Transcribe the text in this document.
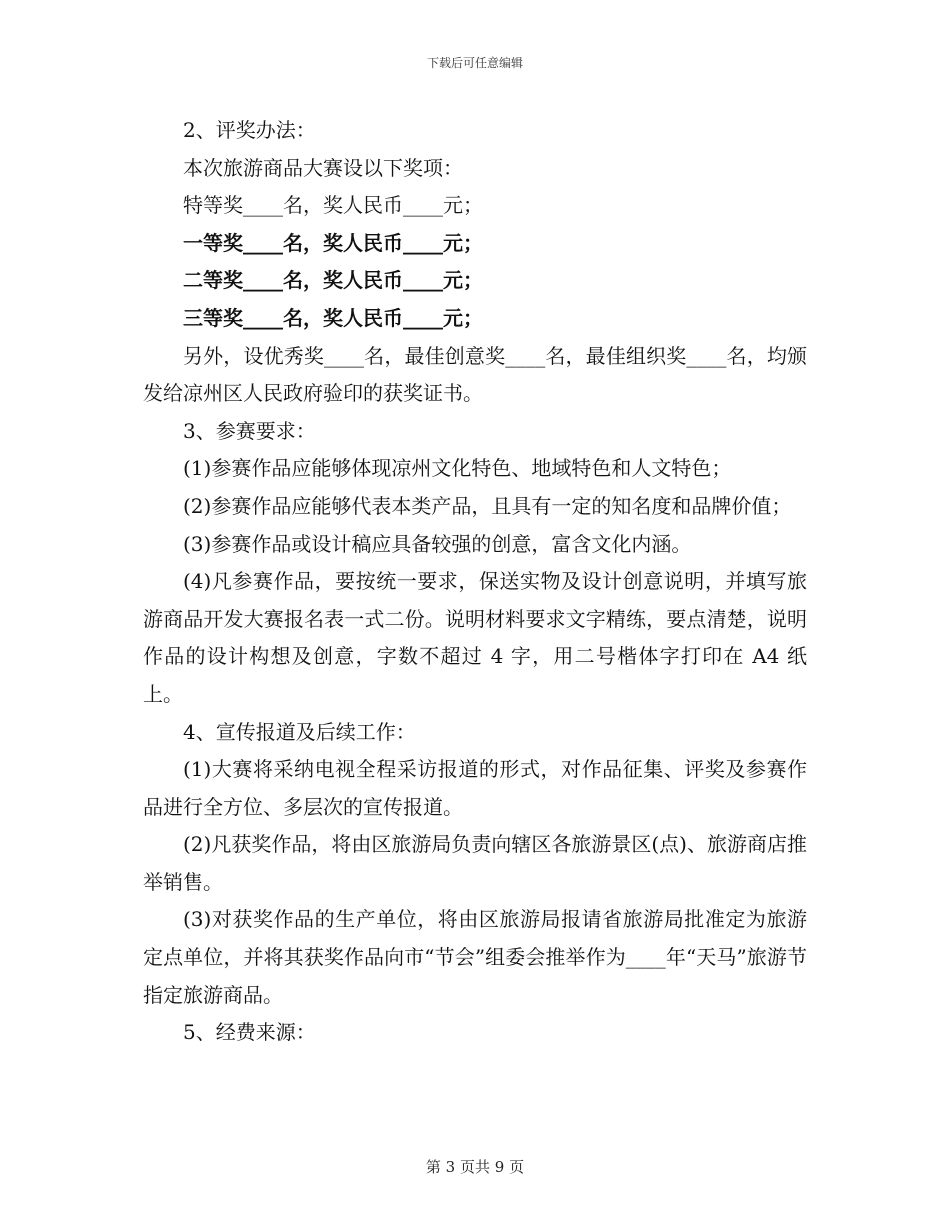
下载后可任意编辑

2、评奖办法：

本次旅游商品大赛设以下奖项：

特等奖____名，奖人民币____元；

一等奖____名，奖人民币____元；

二等奖____名，奖人民币____元；

三等奖____名，奖人民币____元；

另外，设优秀奖____名，最佳创意奖____名，最佳组织奖____名，均颁发给凉州区人民政府验印的获奖证书。

3、参赛要求：

(1)参赛作品应能够体现凉州文化特色、地域特色和人文特色；

(2)参赛作品应能够代表本类产品，且具有一定的知名度和品牌价值；

(3)参赛作品或设计稿应具备较强的创意，富含文化内涵。

(4)凡参赛作品，要按统一要求，保送实物及设计创意说明，并填写旅游商品开发大赛报名表一式二份。说明材料要求文字精练，要点清楚，说明作品的设计构想及创意，字数不超过 4 字，用二号楷体字打印在 A4 纸上。

4、宣传报道及后续工作：

(1)大赛将采纳电视全程采访报道的形式，对作品征集、评奖及参赛作品进行全方位、多层次的宣传报道。

(2)凡获奖作品，将由区旅游局负责向辖区各旅游景区(点)、旅游商店推举销售。

(3)对获奖作品的生产单位，将由区旅游局报请省旅游局批准定为旅游定点单位，并将其获奖作品向市“节会”组委会推举作为____年“天马”旅游节指定旅游商品。

5、经费来源：

第 3 页共 9 页
